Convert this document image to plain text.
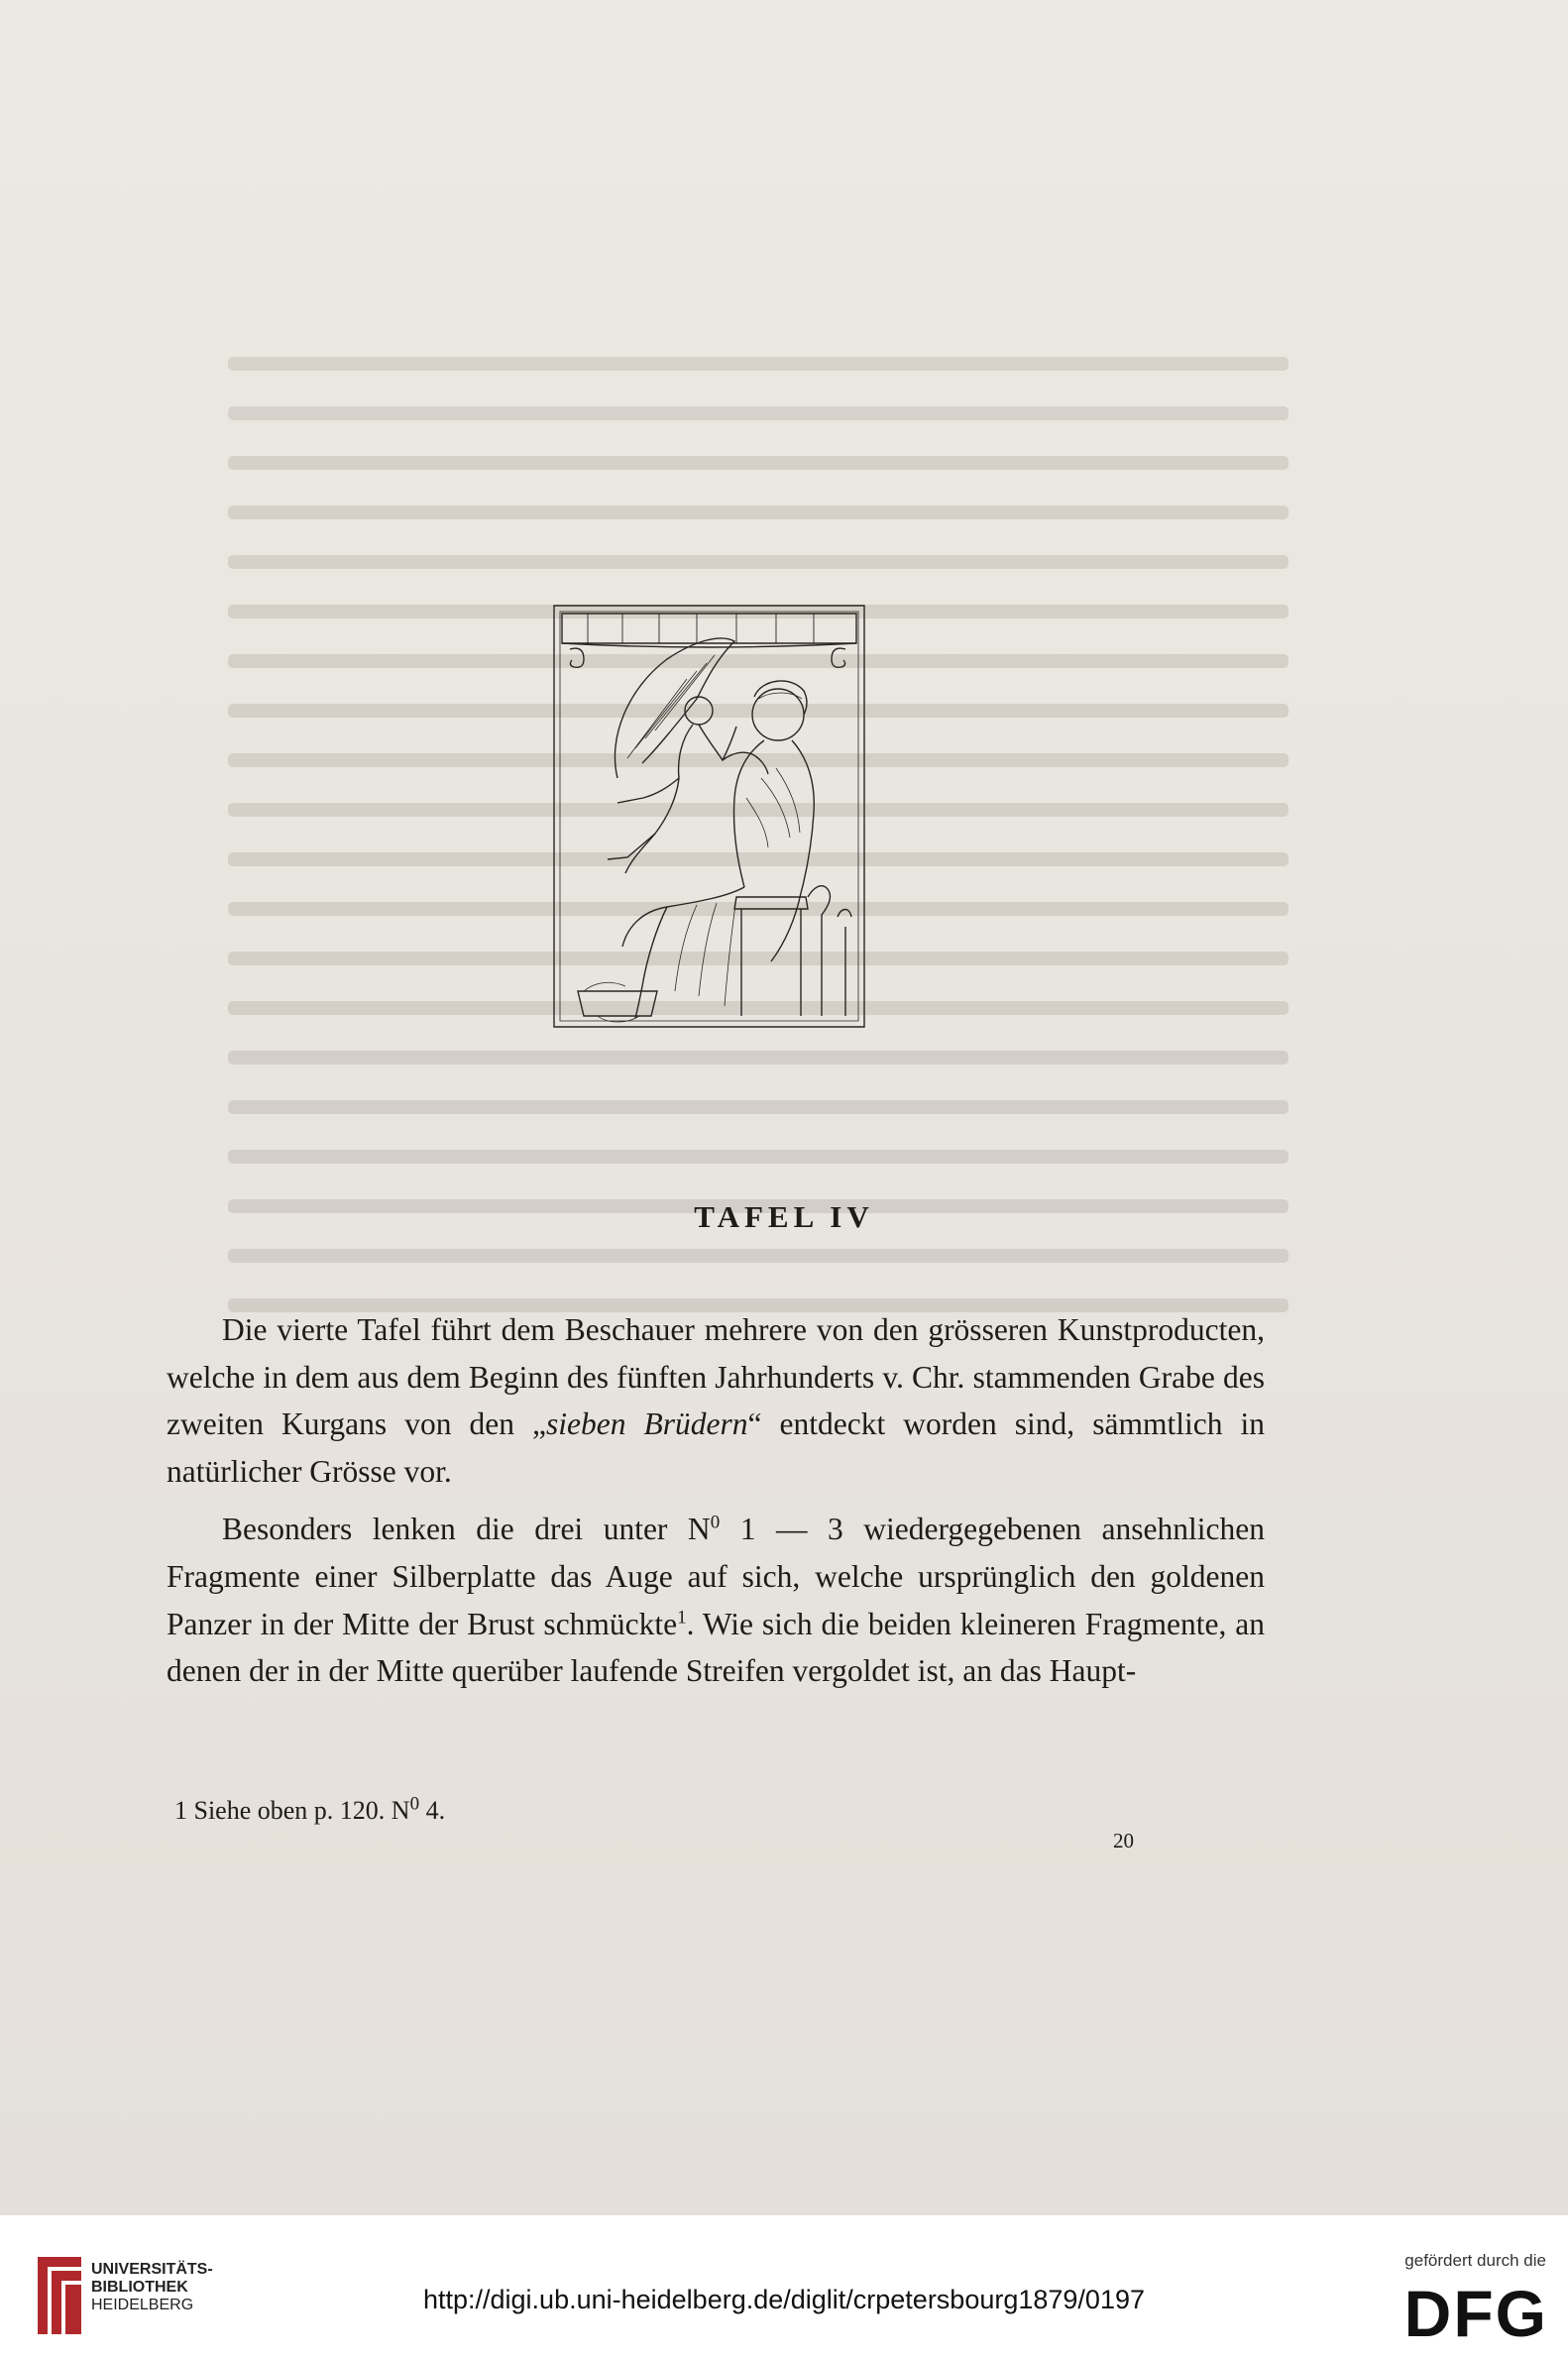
TAFEL IV

Die vierte Tafel führt dem Beschauer mehrere von den grösseren Kunstproducten, welche in dem aus dem Beginn des fünften Jahrhunderts v. Chr. stammenden Grabe des zweiten Kurgans von den „sieben Brüdern“ entdeckt worden sind, sämmtlich in natürlicher Grösse vor.

Besonders lenken die drei unter $N^0$ 1 — 3 wiedergegebenen ansehnlichen Fragmente einer Silberplatte das Auge auf sich, welche ursprünglich den goldenen Panzer in der Mitte der Brust schmückte$^1$. Wie sich die beiden kleineren Fragmente, an denen der in der Mitte querüber laufende Streifen vergoldet ist, an das Haupt-

1 Siehe oben p. 120. $N^0$ 4.
20
UNIVERSITÄTS-
BIBLIOTHEK
HEIDELBERG	http://digi.ub.uni-heidelberg.de/diglit/crpetersbourg1879/0197
gefördert durch die
DFG
